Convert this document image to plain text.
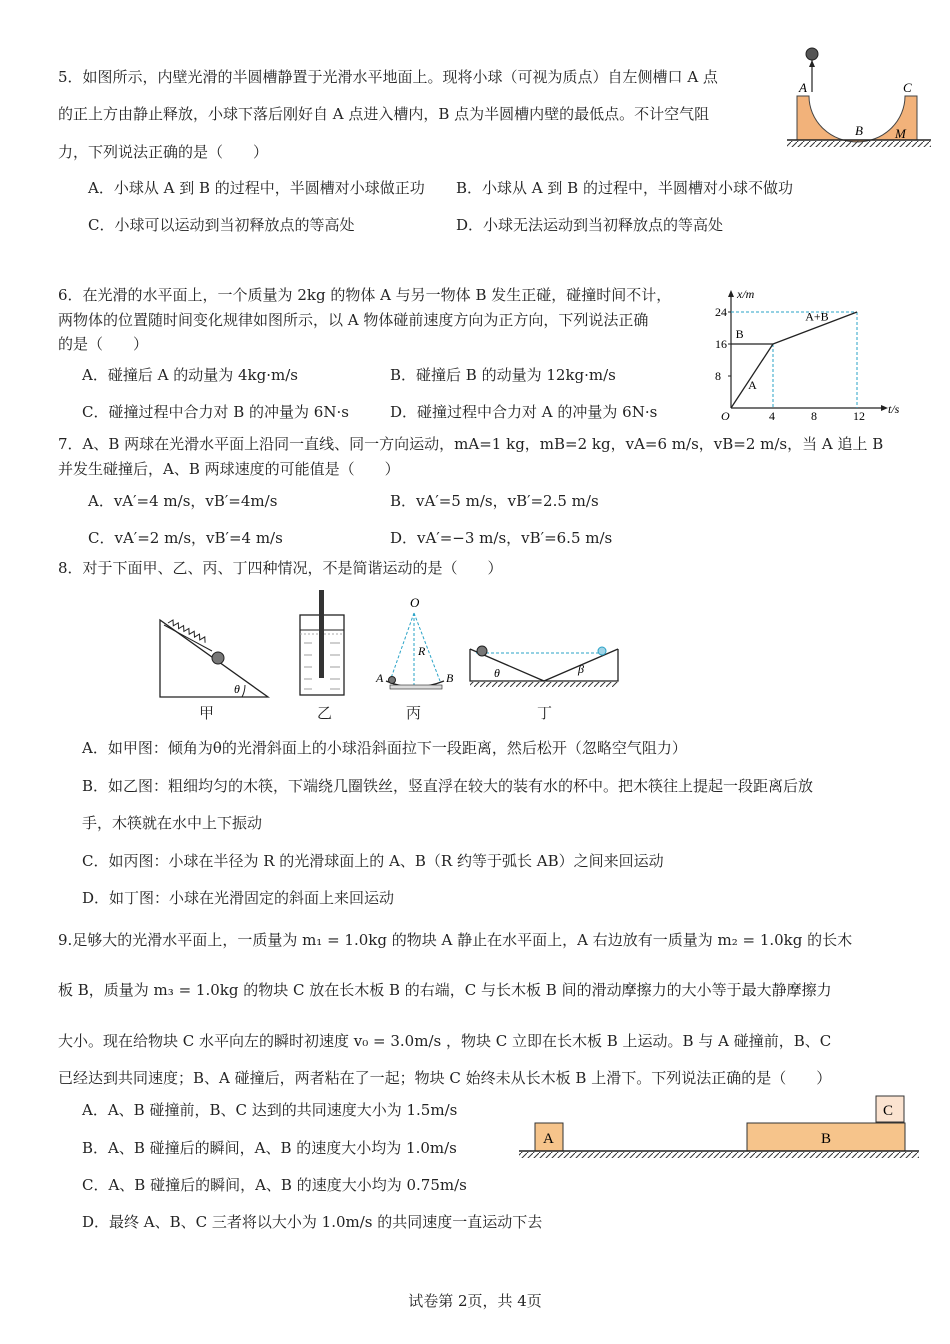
5．如图所示，内壁光滑的半圆槽静置于光滑水平地面上。现将小球（可视为质点）自左侧槽口 A 点
的正上方由静止释放，小球下落后刚好自 A 点进入槽内，B 点为半圆槽内壁的最低点。不计空气阻
力，下列说法正确的是（　　）
A．小球从 A 到 B 的过程中，半圆槽对小球做正功 B．小球从 A 到 B 的过程中，半圆槽对小球不做功
C．小球可以运动到当初释放点的等高处	D．小球无法运动到当初释放点的等高处
A	C
B M
6．在光滑的水平面上，一个质量为 2kg 的物体 A 与另一物体 B 发生正碰，碰撞时间不计，
两物体的位置随时间变化规律如图所示，以 A 物体碰前速度方向为正方向，下列说法正确
的是（　　）
A．碰撞后 A 的动量为 4kg·m/s	B．碰撞后 B 的动量为 12kg·m/s
C．碰撞过程中合力对 B 的冲量为 6N·s	D．碰撞过程中合力对 A 的冲量为 6N·s	t/s
x/m
O	4	8	12
8
16
24
A
B
A+B
7．A、B 两球在光滑水平面上沿同一直线、同一方向运动，mA=1 kg，mB=2 kg，vA=6 m/s，vB=2 m/s，当 A 追上 B
并发生碰撞后，A、B 两球速度的可能值是（　　）
A．vA′=4 m/s，vB′=4m/s	B．vA′=5 m/s，vB′=2.5 m/s
C．vA′=2 m/s，vB′=4 m/s	D．vA′=−3 m/s，vB′=6.5 m/s
8．对于下面甲、乙、丙、丁四种情况，不是简谐运动的是（　　）
θ
O
R
A	B	θ	β
甲	乙	丙	丁
A．如甲图：倾角为θ的光滑斜面上的小球沿斜面拉下一段距离，然后松开（忽略空气阻力）
B．如乙图：粗细均匀的木筷，下端绕几圈铁丝，竖直浮在较大的装有水的杯中。把木筷往上提起一段距离后放
手，木筷就在水中上下振动
C．如丙图：小球在半径为 R 的光滑球面上的 A、B（R 约等于弧长 AB）之间来回运动
D．如丁图：小球在光滑固定的斜面上来回运动
9.足够大的光滑水平面上，一质量为 m₁ = 1.0kg 的物块 A 静止在水平面上，A 右边放有一质量为 m₂ = 1.0kg 的长木
板 B，质量为 m₃ = 1.0kg 的物块 C 放在长木板 B 的右端，C 与长木板 B 间的滑动摩擦力的大小等于最大静摩擦力
大小。现在给物块 C 水平向左的瞬时初速度 v₀ = 3.0m/s ，物块 C 立即在长木板 B 上运动。B 与 A 碰撞前，B、C
已经达到共同速度；B、A 碰撞后，两者粘在了一起；物块 C 始终未从长木板 B 上滑下。下列说法正确的是（　　）
A．A、B 碰撞前，B、C 达到的共同速度大小为 1.5m/s
B．A、B 碰撞后的瞬间，A、B 的速度大小均为 1.0m/s
C．A、B 碰撞后的瞬间，A、B 的速度大小均为 0.75m/s
D．最终 A、B、C 三者将以大小为 1.0m/s 的共同速度一直运动下去
A	B
C
试卷第 2页，共 4页
